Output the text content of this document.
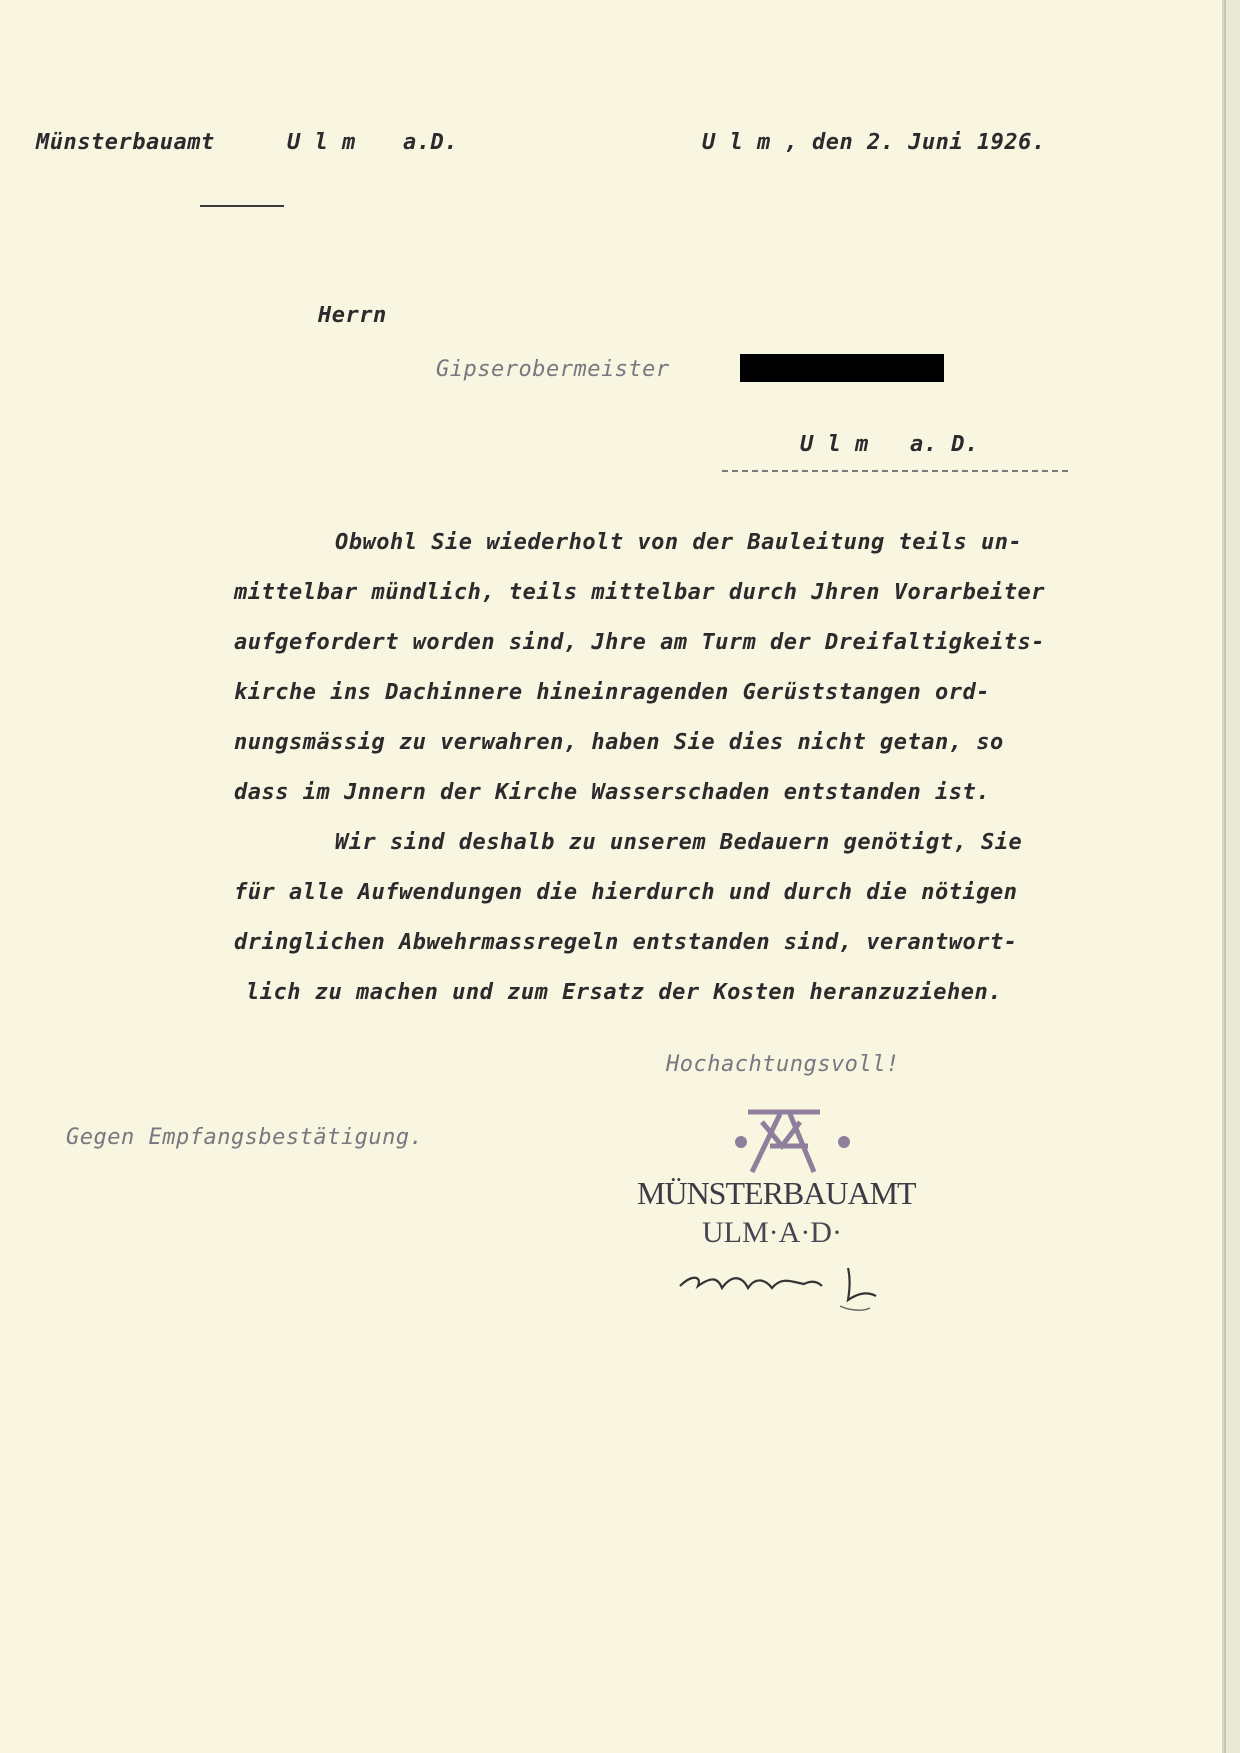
Münsterbauamt	U l m a.D.	U l m , den 2. Juni 1926.
Herrn
Gipserobermeister
U l m   a. D.
Obwohl Sie wiederholt von der Bauleitung teils un-
mittelbar mündlich, teils mittelbar durch Jhren Vorarbeiter
aufgefordert worden sind, Jhre am Turm der Dreifaltigkeits-
kirche ins Dachinnere hineinragenden Gerüststangen ord-
nungsmässig zu verwahren, haben Sie dies nicht getan, so
dass im Jnnern der Kirche Wasserschaden entstanden ist.
Wir sind deshalb zu unserem Bedauern genötigt, Sie
für alle Aufwendungen die hierdurch und durch die nötigen
dringlichen Abwehrmassregeln entstanden sind, verantwort-
lich zu machen und zum Ersatz der Kosten heranzuziehen.
Hochachtungsvoll!
Gegen Empfangsbestätigung.
MÜNSTERBAUAMT
ULM·A·D·
